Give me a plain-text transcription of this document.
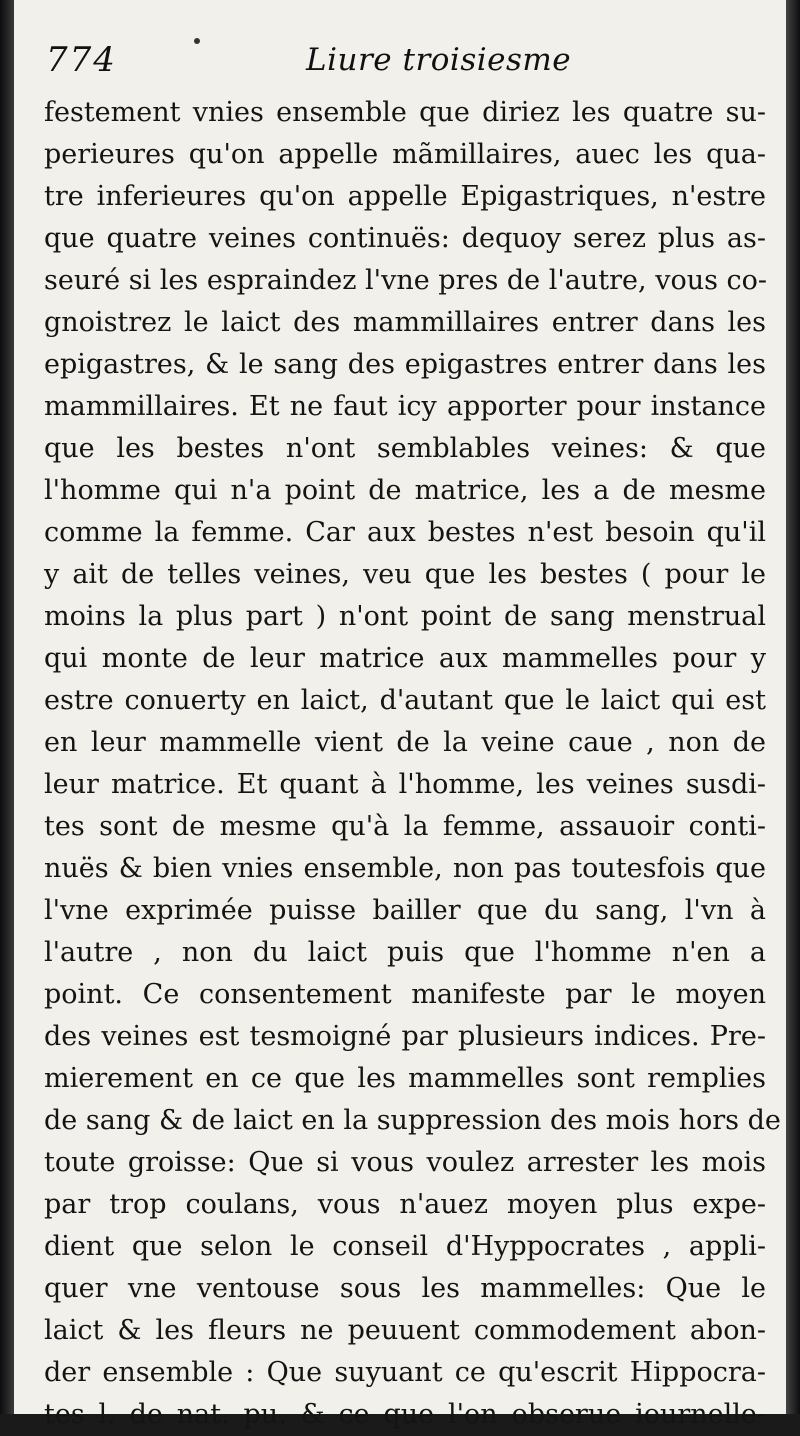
774	Liure troisiesme
festement vnies ensemble que diriez les quatre su-
perieures qu'on appelle mãmillaires, auec les qua-
tre inferieures qu'on appelle Epigastriques, n'estre
que quatre veines continuës: dequoy serez plus as-
seuré si les espraindez l'vne pres de l'autre, vous co-
gnoistrez le laict des mammillaires entrer dans les
epigastres, & le sang des epigastres entrer dans les
mammillaires. Et ne faut icy apporter pour instance
que les bestes n'ont semblables veines: & que
l'homme qui n'a point de matrice, les a de mesme
comme la femme. Car aux bestes n'est besoin qu'il
y ait de telles veines, veu que les bestes ( pour le
moins la plus part ) n'ont point de sang menstrual
qui monte de leur matrice aux mammelles pour y
estre conuerty en laict, d'autant que le laict qui est
en leur mammelle vient de la veine caue , non de
leur matrice. Et quant à l'homme, les veines susdi-
tes sont de mesme qu'à la femme, assauoir conti-
nuës & bien vnies ensemble, non pas toutesfois que
l'vne exprimée puisse bailler que du sang, l'vn à
l'autre , non du laict puis que l'homme n'en a
point. Ce consentement manifeste par le moyen
des veines est tesmoigné par plusieurs indices. Pre-
mierement en ce que les mammelles sont remplies
de sang & de laict en la suppression des mois hors de
toute groisse: Que si vous voulez arrester les mois
par trop coulans, vous n'auez moyen plus expe-
dient que selon le conseil d'Hyppocrates , appli-
quer vne ventouse sous les mammelles: Que le
laict & les fleurs ne peuuent commodement abon-
der ensemble : Que suyuant ce qu'escrit Hippocra-
tes l. de nat. pu. & ce que l'on obserue iournelle-
